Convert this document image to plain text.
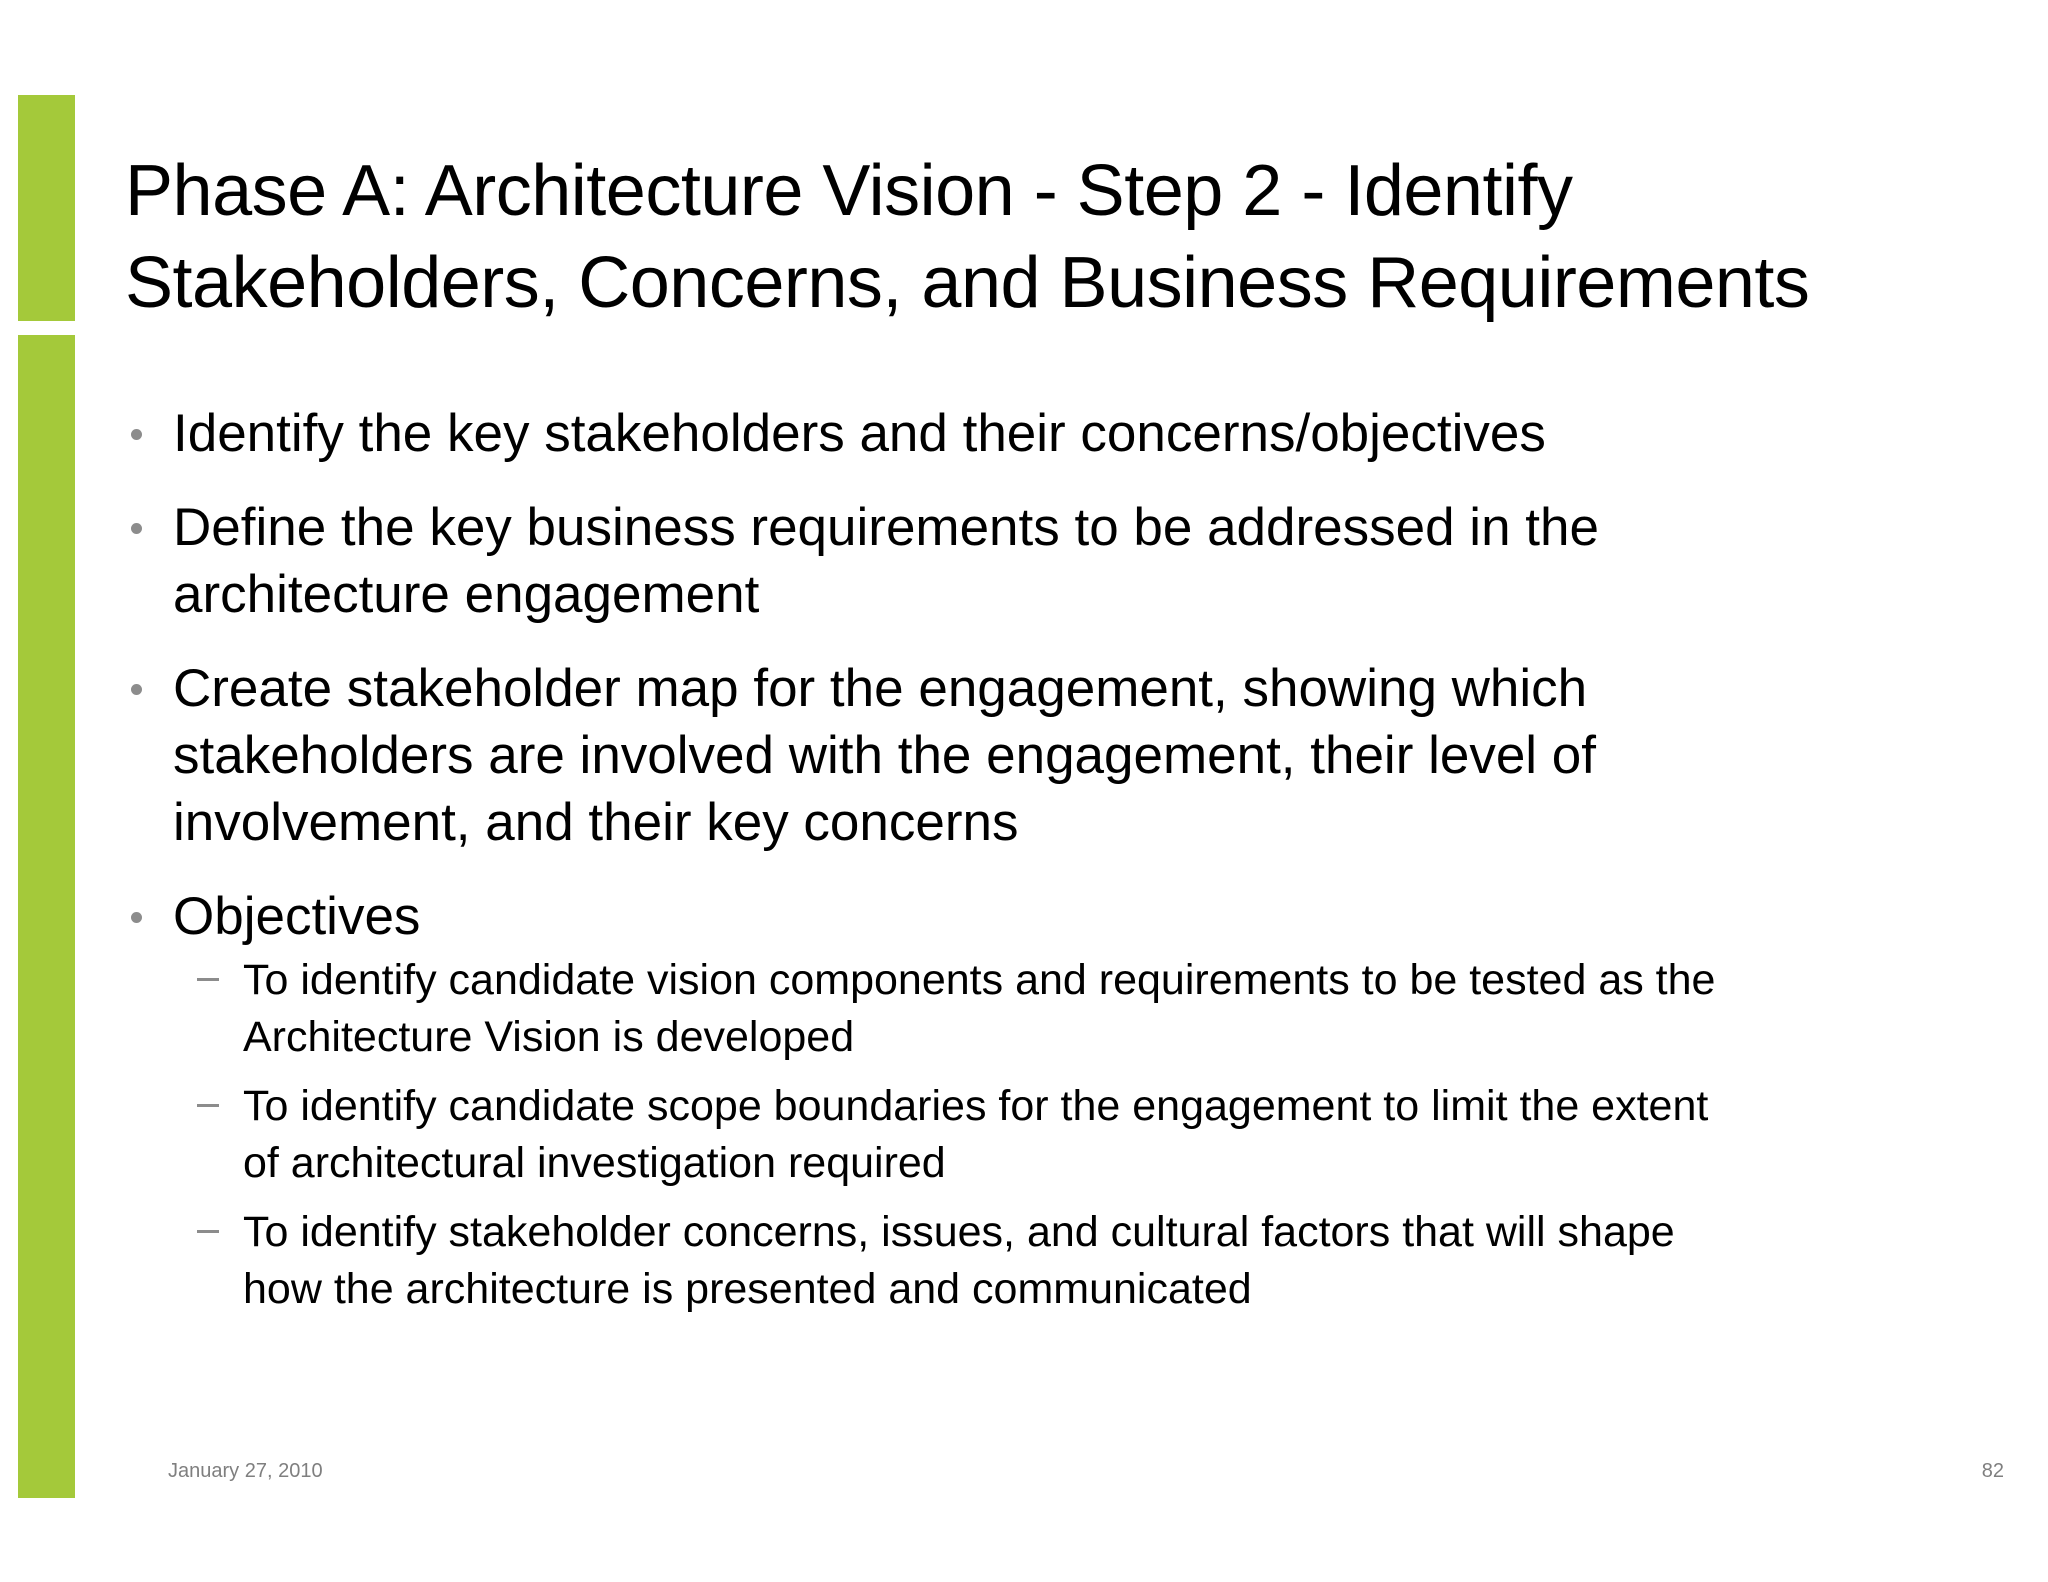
Phase A: Architecture Vision - Step 2 - Identify
Stakeholders, Concerns, and Business Requirements
Identify the key stakeholders and their concerns/objectives
Define the key business requirements to be addressed in the
architecture engagement
Create stakeholder map for the engagement, showing which
stakeholders are involved with the engagement, their level of
involvement, and their key concerns
Objectives
To identify candidate vision components and requirements to be tested as the
Architecture Vision is developed
To identify candidate scope boundaries for the engagement to limit the extent
of architectural investigation required
To identify stakeholder concerns, issues, and cultural factors that will shape
how the architecture is presented and communicated
January 27, 2010	82
